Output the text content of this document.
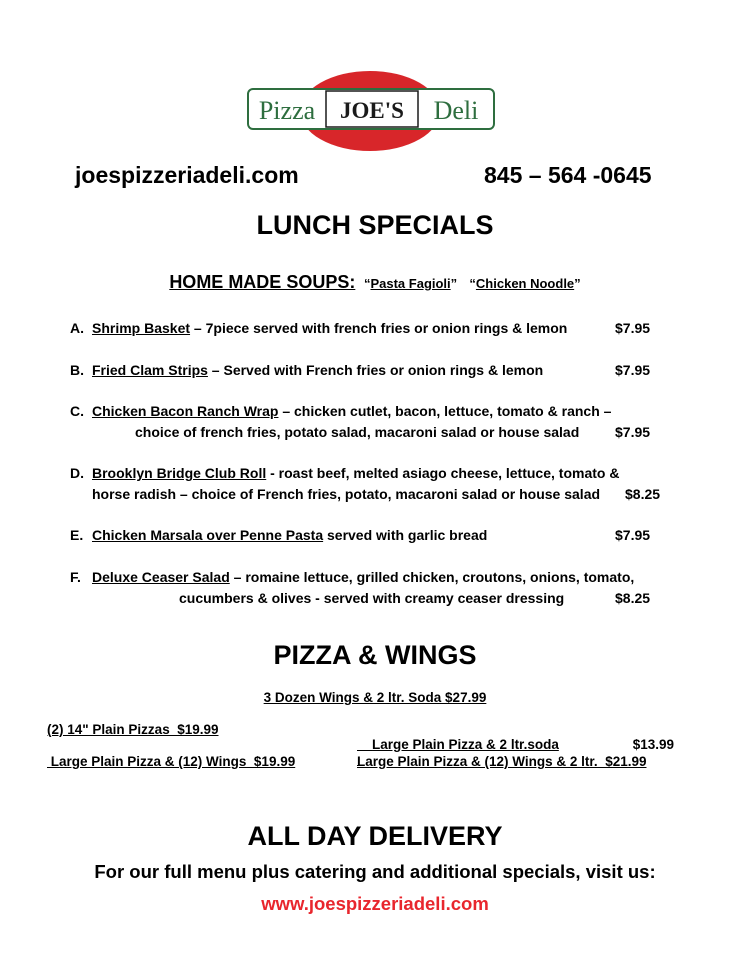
Pizza JOE'S Deli
joespizzeriadeli.com	845 – 564 -0645
LUNCH SPECIALS
HOME MADE SOUPS:  “Pasta Fagioli”   “Chicken Noodle”
A. Shrimp Basket – 7piece served with french fries or onion rings & lemon	$7.95
B. Fried Clam Strips – Served with French fries or onion rings & lemon	$7.95
C. Chicken Bacon Ranch Wrap – chicken cutlet, bacon, lettuce, tomato & ranch –
choice of french fries, potato salad, macaroni salad or house salad	$7.95
D. Brooklyn Bridge Club Roll - roast beef, melted asiago cheese, lettuce, tomato &
horse radish – choice of French fries, potato, macaroni salad or house salad $8.25
E. Chicken Marsala over Penne Pasta served with garlic bread	$7.95
F. Deluxe Ceaser Salad – romaine lettuce, grilled chicken, croutons, onions, tomato,
cucumbers & olives - served with creamy ceaser dressing	$8.25
PIZZA & WINGS
3 Dozen Wings & 2 ltr. Soda $27.99
(2) 14" Plain Pizzas  $19.99

Large Plain Pizza & 2 ltr.soda	$13.99

Large Plain Pizza & (12) Wings  $19.99	Large Plain Pizza & (12) Wings & 2 ltr.  $21.99
ALL DAY DELIVERY
For our full menu plus catering and additional specials, visit us:
www.joespizzeriadeli.com
